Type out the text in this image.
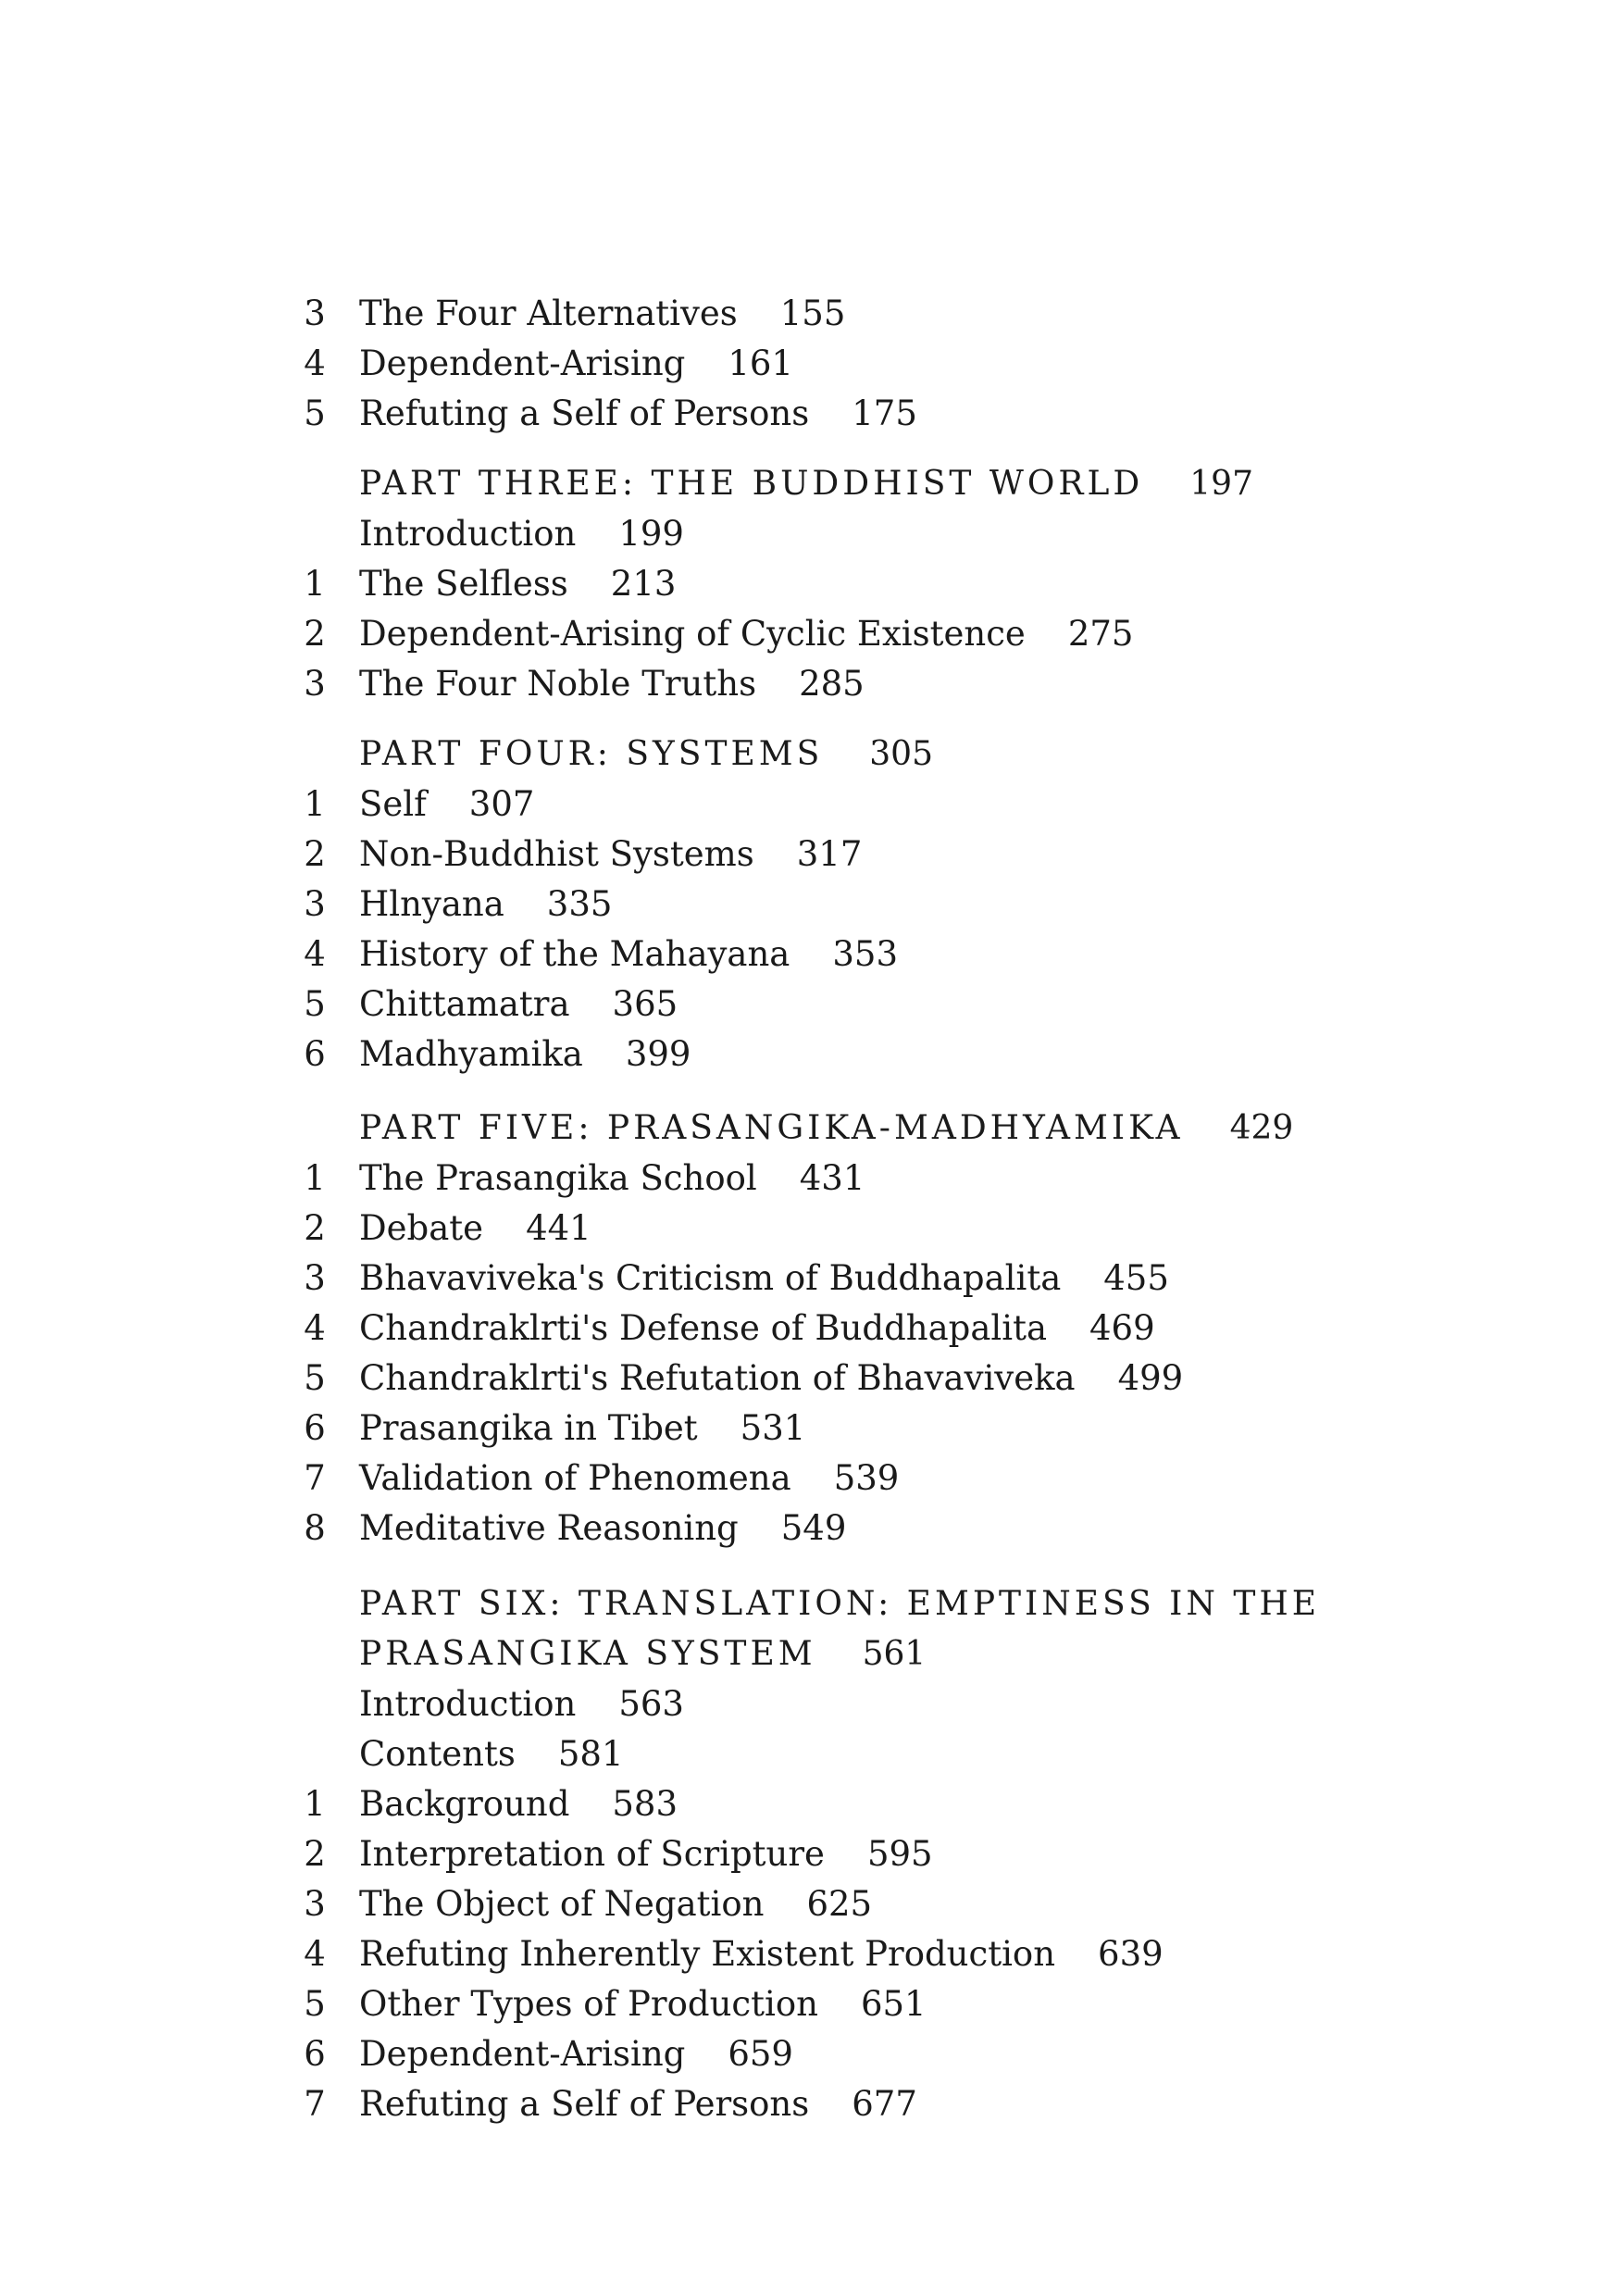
3 The Four Alternatives 155
4 Dependent-Arising 161
5 Refuting a Self of Persons 175
PART THREE: THE BUDDHIST WORLD 197
Introduction 199
1 The Selfless 213
2 Dependent-Arising of Cyclic Existence 275
3 The Four Noble Truths 285
PART FOUR: SYSTEMS 305
1 Self 307
2 Non-Buddhist Systems 317
3 Hlnyana 335
4 History of the Mahayana 353
5 Chittamatra 365
6 Madhyamika 399
PART FIVE: PRASANGIKA-MADHYAMIKA 429
1 The Prasangika School 431
2 Debate 441
3 Bhavaviveka's Criticism of Buddhapalita 455
4 Chandraklrti's Defense of Buddhapalita 469
5 Chandraklrti's Refutation of Bhavaviveka 499
6 Prasangika in Tibet 531
7 Validation of Phenomena 539
8 Meditative Reasoning 549
PART SIX: TRANSLATION: EMPTINESS IN THE
PRASANGIKA SYSTEM 561
Introduction 563
Contents 581
1 Background 583
2 Interpretation of Scripture 595
3 The Object of Negation 625
4 Refuting Inherently Existent Production 639
5 Other Types of Production 651
6 Dependent-Arising 659
7 Refuting a Self of Persons 677
